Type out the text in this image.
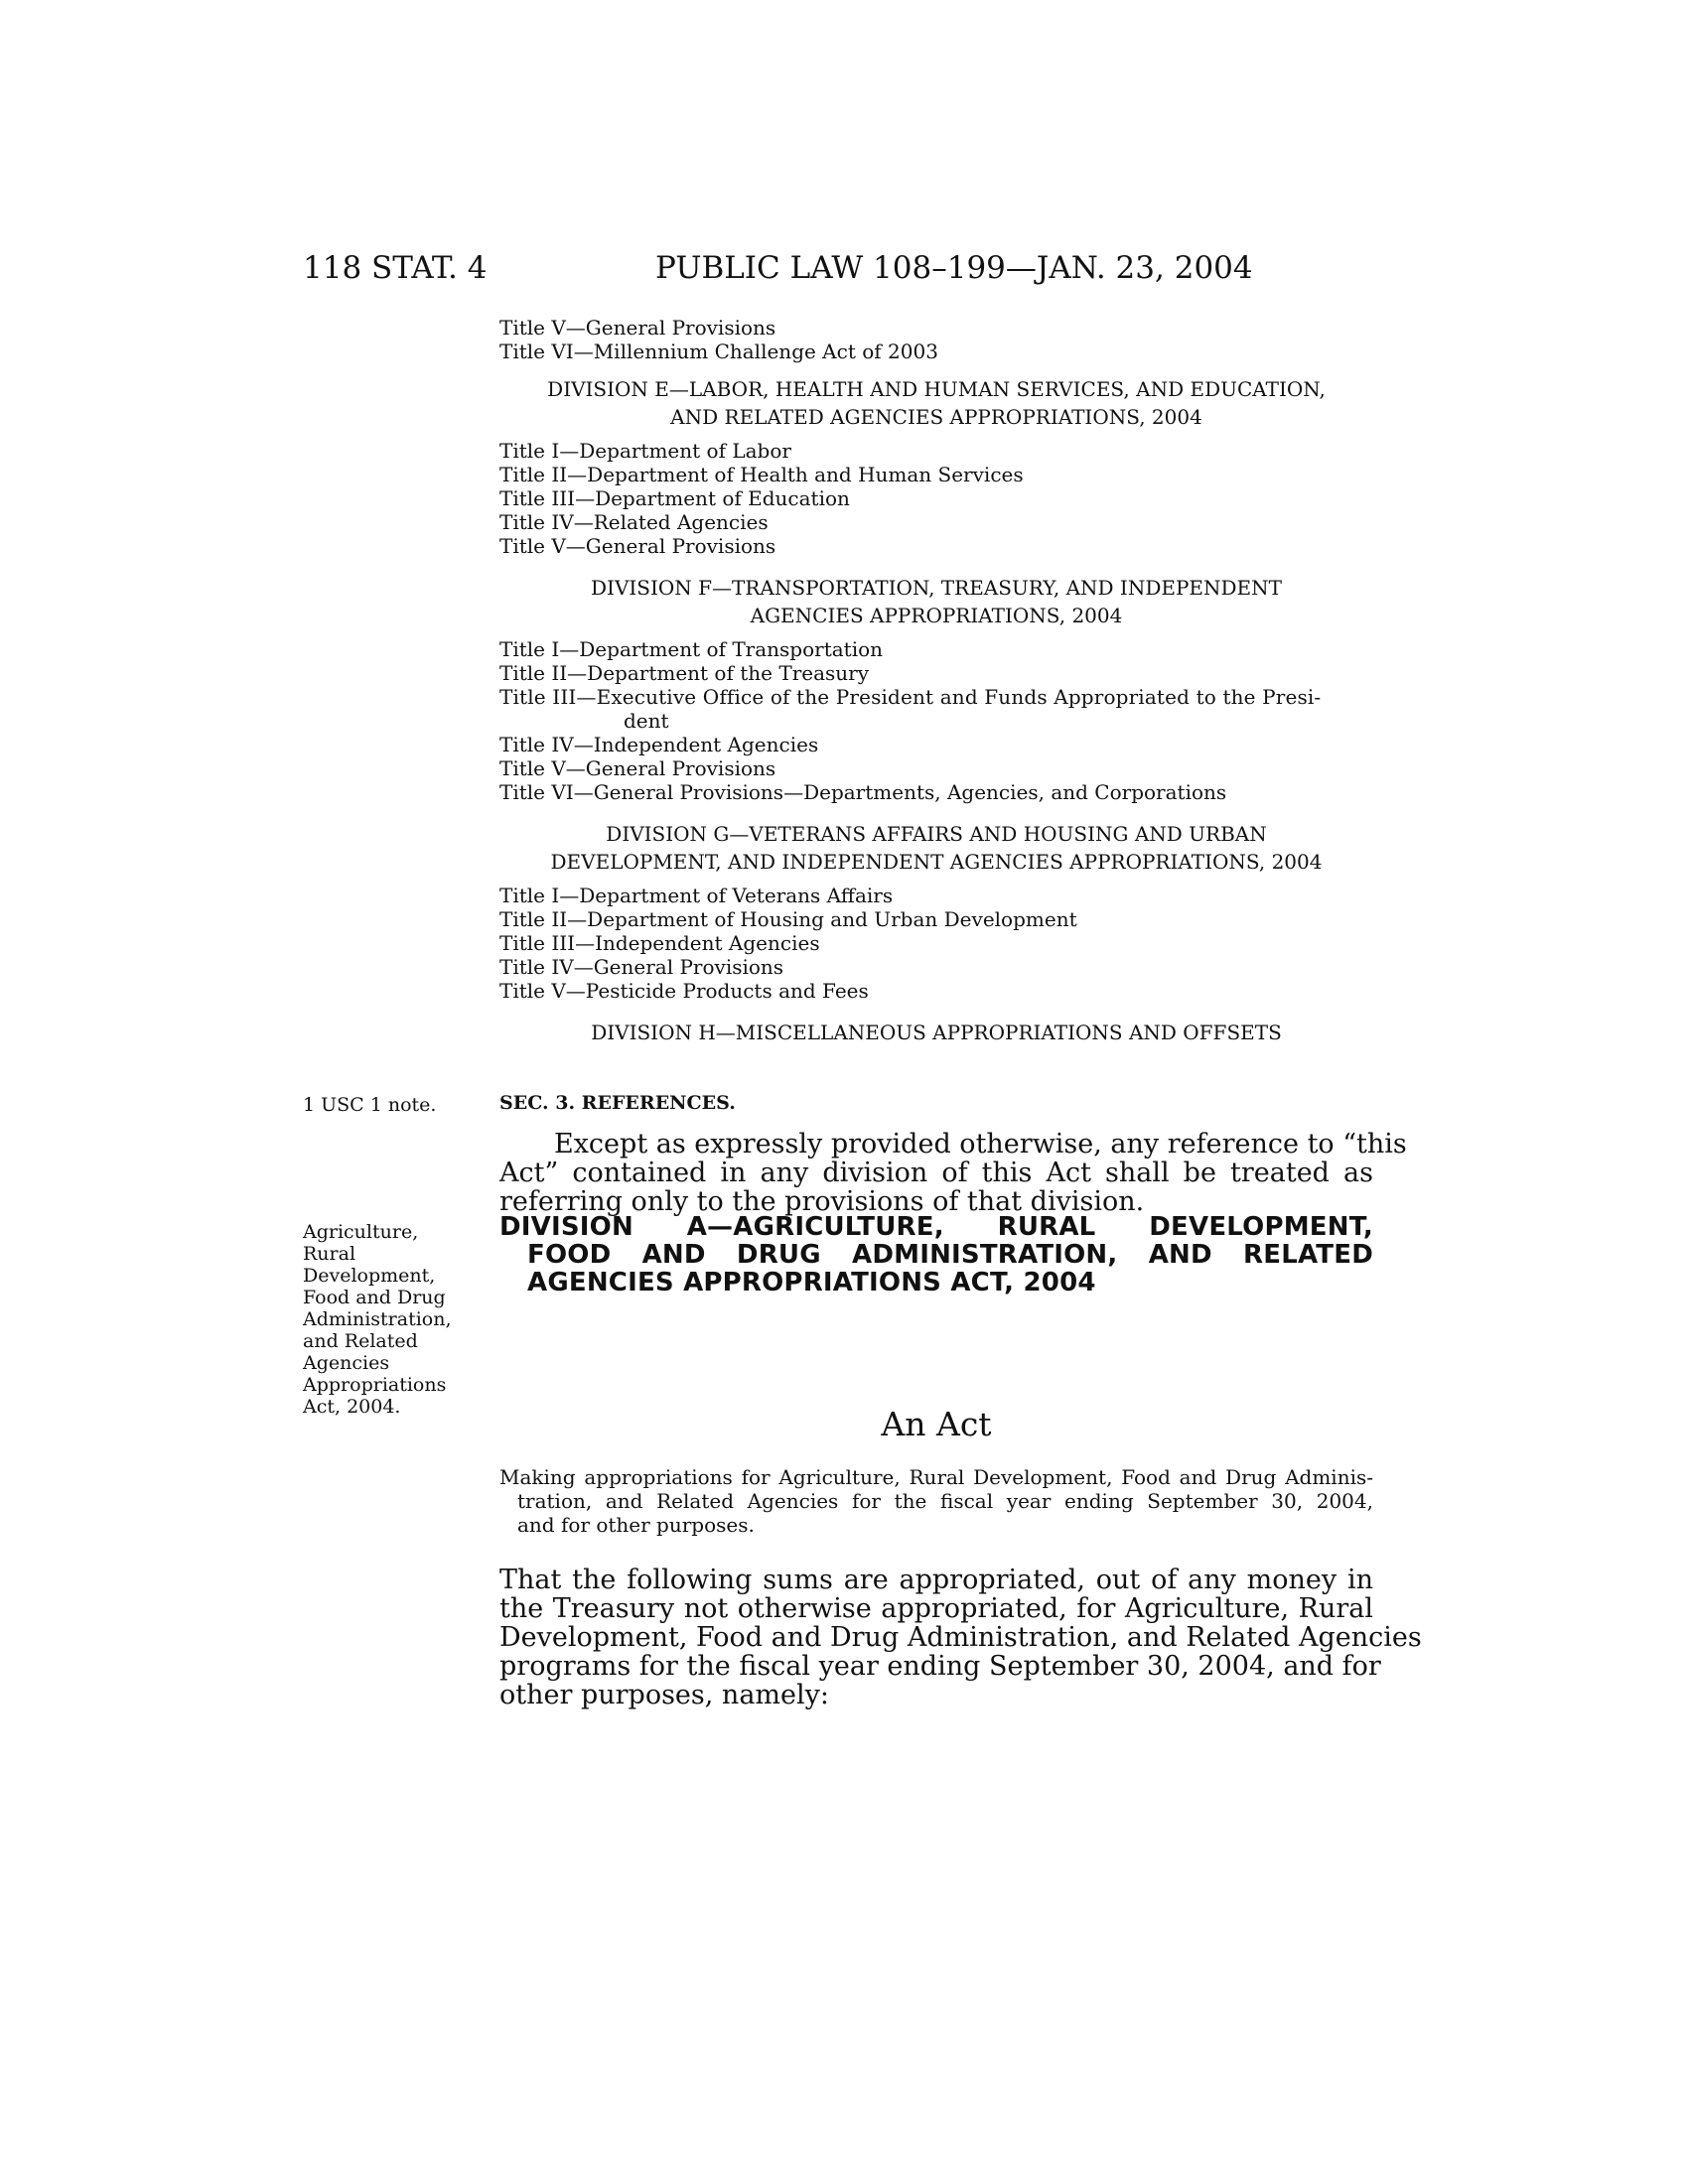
118 STAT. 4	PUBLIC LAW 108–199—JAN. 23, 2004
Title V—General Provisions
Title VI—Millennium Challenge Act of 2003
DIVISION E—LABOR, HEALTH AND HUMAN SERVICES, AND EDUCATION,
AND RELATED AGENCIES APPROPRIATIONS, 2004
Title I—Department of Labor
Title II—Department of Health and Human Services
Title III—Department of Education
Title IV—Related Agencies
Title V—General Provisions
DIVISION F—TRANSPORTATION, TREASURY, AND INDEPENDENT
AGENCIES APPROPRIATIONS, 2004
Title I—Department of Transportation
Title II—Department of the Treasury
Title III—Executive Office of the President and Funds Appropriated to the Presi-
dent
Title IV—Independent Agencies
Title V—General Provisions
Title VI—General Provisions—Departments, Agencies, and Corporations
DIVISION G—VETERANS AFFAIRS AND HOUSING AND URBAN
DEVELOPMENT, AND INDEPENDENT AGENCIES APPROPRIATIONS, 2004
Title I—Department of Veterans Affairs
Title II—Department of Housing and Urban Development
Title III—Independent Agencies
Title IV—General Provisions
Title V—Pesticide Products and Fees
DIVISION H—MISCELLANEOUS APPROPRIATIONS AND OFFSETS
1 USC 1 note.	SEC. 3. REFERENCES.
Except as expressly provided otherwise, any reference to “this
Act” contained in any division of this Act shall be treated as
referring only to the provisions of that division.
Agriculture,
Rural
Development,
Food and Drug
Administration,
and Related
Agencies
Appropriations
Act, 2004.
DIVISION A—AGRICULTURE, RURAL DEVELOPMENT,
FOOD AND DRUG ADMINISTRATION, AND RELATED
AGENCIES APPROPRIATIONS ACT, 2004
An Act
Making appropriations for Agriculture, Rural Development, Food and Drug Adminis-
tration, and Related Agencies for the fiscal year ending September 30, 2004,
and for other purposes.
That the following sums are appropriated, out of any money in
the Treasury not otherwise appropriated, for Agriculture, Rural
Development, Food and Drug Administration, and Related Agencies
programs for the fiscal year ending September 30, 2004, and for
other purposes, namely:
